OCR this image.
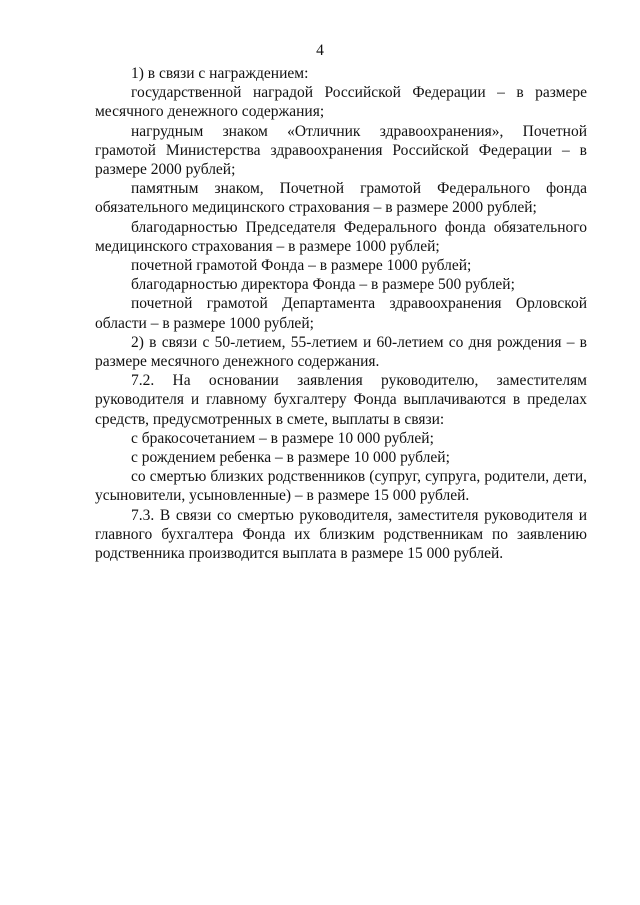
4

1) в связи с награждением:

государственной наградой Российской Федерации – в размере месячного денежного содержания;

нагрудным знаком «Отличник здравоохранения», Почетной грамотой Министерства здравоохранения Российской Федерации – в размере 2000 рублей;

памятным знаком, Почетной грамотой Федерального фонда обязательного медицинского страхования – в размере 2000 рублей;

благодарностью Председателя Федерального фонда обязательного медицинского страхования – в размере 1000 рублей;

почетной грамотой Фонда – в размере 1000 рублей;

благодарностью директора Фонда – в размере 500 рублей;

почетной грамотой Департамента здравоохранения Орловской области – в размере 1000 рублей;

2) в связи с 50-летием, 55-летием и 60-летием со дня рождения – в размере месячного денежного содержания.

7.2. На основании заявления руководителю, заместителям руководителя и главному бухгалтеру Фонда выплачиваются в пределах средств, предусмотренных в смете, выплаты в связи:

с бракосочетанием – в размере 10 000 рублей;

с рождением ребенка – в размере 10 000 рублей;

со смертью близких родственников (супруг, супруга, родители, дети, усыновители, усыновленные) – в размере 15 000 рублей.

7.3. В связи со смертью руководителя, заместителя руководителя и главного бухгалтера Фонда их близким родственникам по заявлению родственника производится выплата в размере 15 000 рублей.
